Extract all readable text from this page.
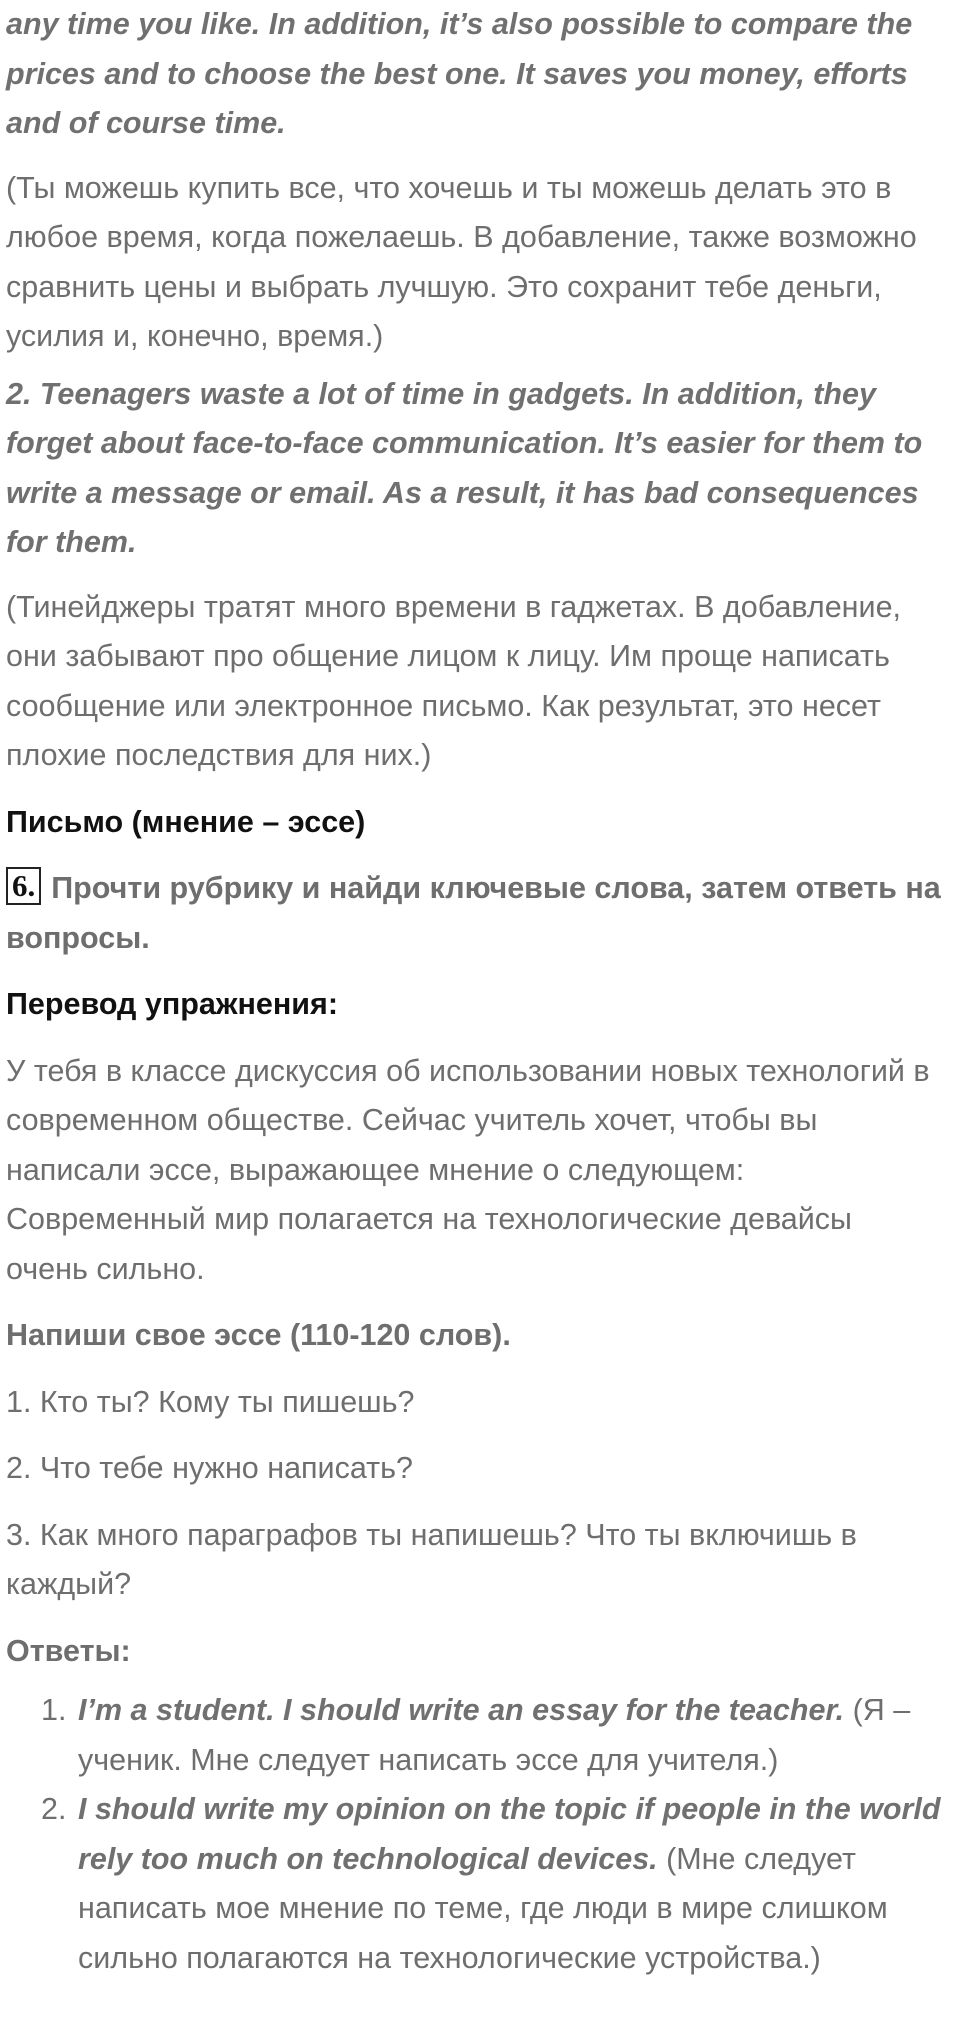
any time you like. In addition, it’s also possible to compare the prices and to choose the best one. It saves you money, efforts and of course time.

(Ты можешь купить все, что хочешь и ты можешь делать это в любое время, когда пожелаешь. В добавление, также возможно сравнить цены и выбрать лучшую. Это сохранит тебе деньги, усилия и, конечно, время.)

2. Teenagers waste a lot of time in gadgets. In addition, they forget about face-to-face communication. It’s easier for them to write a message or email. As a result, it has bad consequences for them.

(Тинейджеры тратят много времени в гаджетах. В добавление, они забывают про общение лицом к лицу. Им проще написать сообщение или электронное письмо. Как результат, это несет плохие последствия для них.)

Письмо (мнение – эссе)

6. Прочти рубрику и найди ключевые слова, затем ответь на вопросы.

Перевод упражнения:

У тебя в классе дискуссия об использовании новых технологий в современном обществе. Сейчас учитель хочет, чтобы вы написали эссе, выражающее мнение о следующем: Современный мир полагается на технологические девайсы очень сильно.

Напиши свое эссе (110-120 слов).

1. Кто ты? Кому ты пишешь?

2. Что тебе нужно написать?

3. Как много параграфов ты напишешь? Что ты включишь в каждый?

Ответы:

1. I’m a student. I should write an essay for the teacher. (Я – ученик. Мне следует написать эссе для учителя.)
2. I should write my opinion on the topic if people in the world rely too much on technological devices. (Мне следует написать мое мнение по теме, где люди в мире слишком сильно полагаются на технологические устройства.)
